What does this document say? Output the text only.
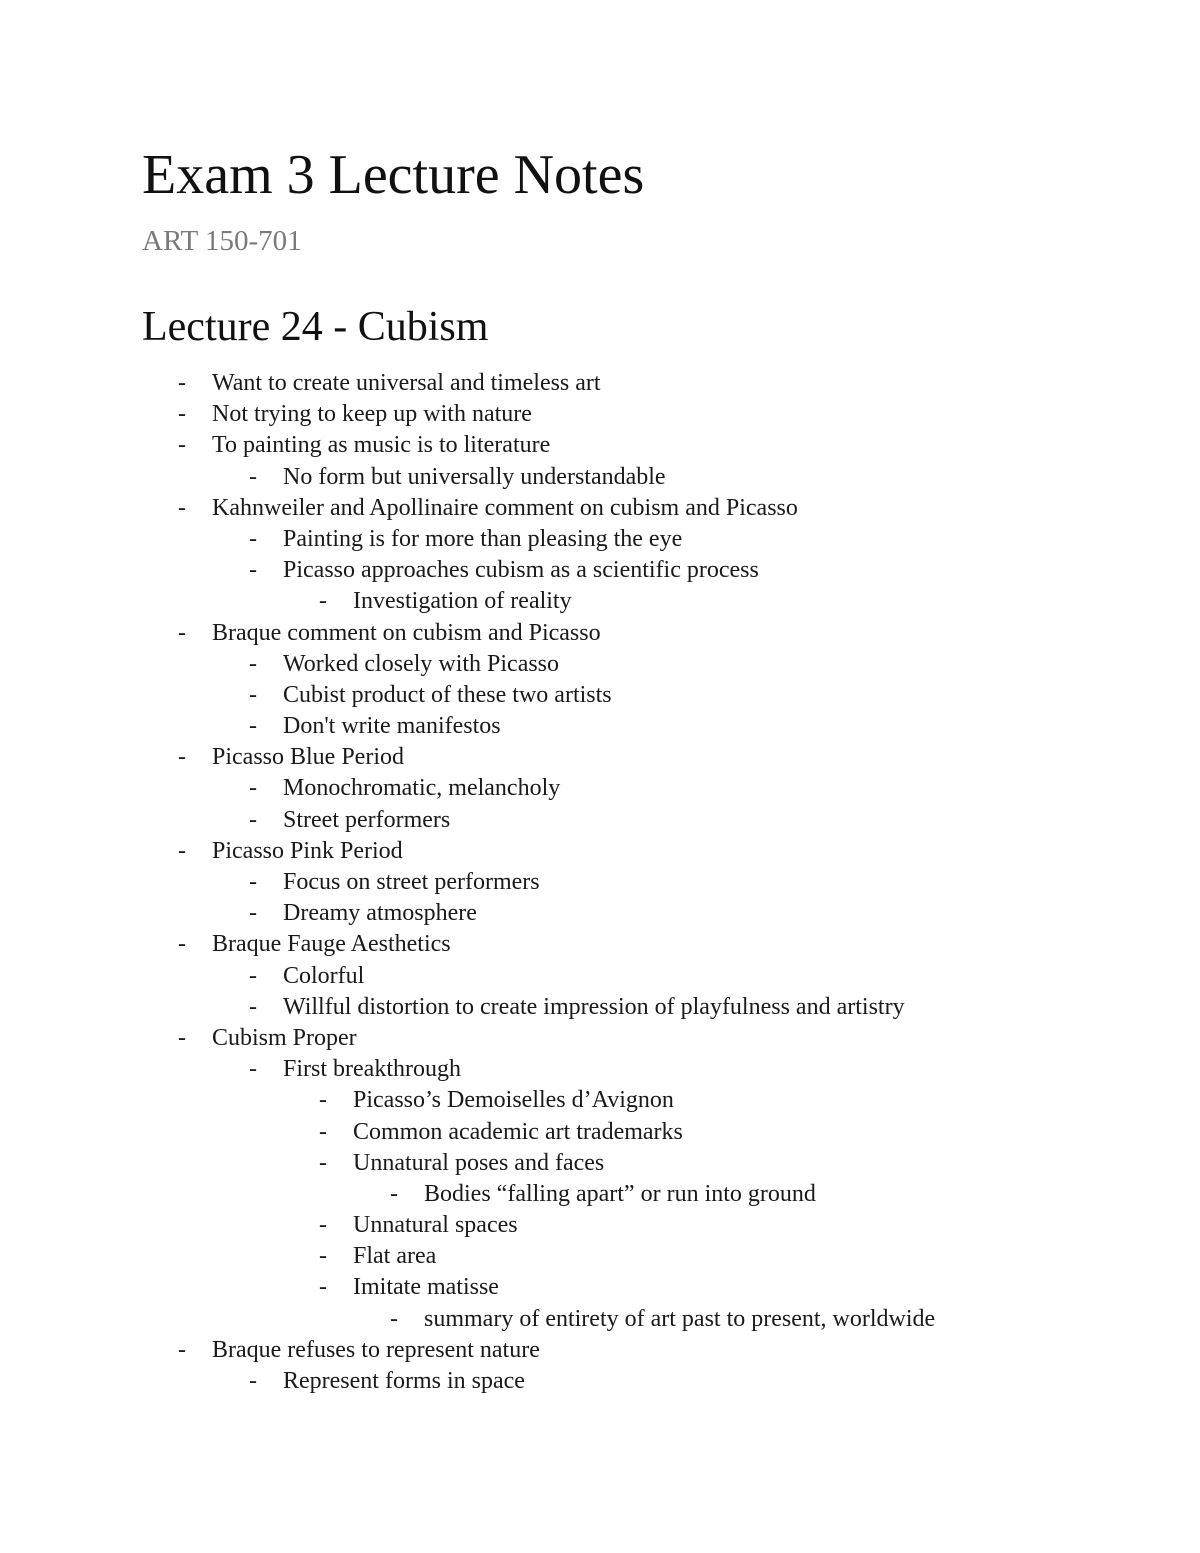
Exam 3 Lecture Notes
ART 150-701
Lecture 24 - Cubism
- Want to create universal and timeless art
- Not trying to keep up with nature
- To painting as music is to literature
- No form but universally understandable
- Kahnweiler and Apollinaire comment on cubism and Picasso
- Painting is for more than pleasing the eye
- Picasso approaches cubism as a scientific process
- Investigation of reality
- Braque comment on cubism and Picasso
- Worked closely with Picasso
- Cubist product of these two artists
- Don't write manifestos
- Picasso Blue Period
- Monochromatic, melancholy
- Street performers
- Picasso Pink Period
- Focus on street performers
- Dreamy atmosphere
- Braque Fauge Aesthetics
- Colorful
- Willful distortion to create impression of playfulness and artistry
- Cubism Proper
- First breakthrough
- Picasso’s Demoiselles d’Avignon
- Common academic art trademarks
- Unnatural poses and faces
- Bodies “falling apart” or run into ground
- Unnatural spaces
- Flat area
- Imitate matisse
- summary of entirety of art past to present, worldwide
- Braque refuses to represent nature
- Represent forms in space
